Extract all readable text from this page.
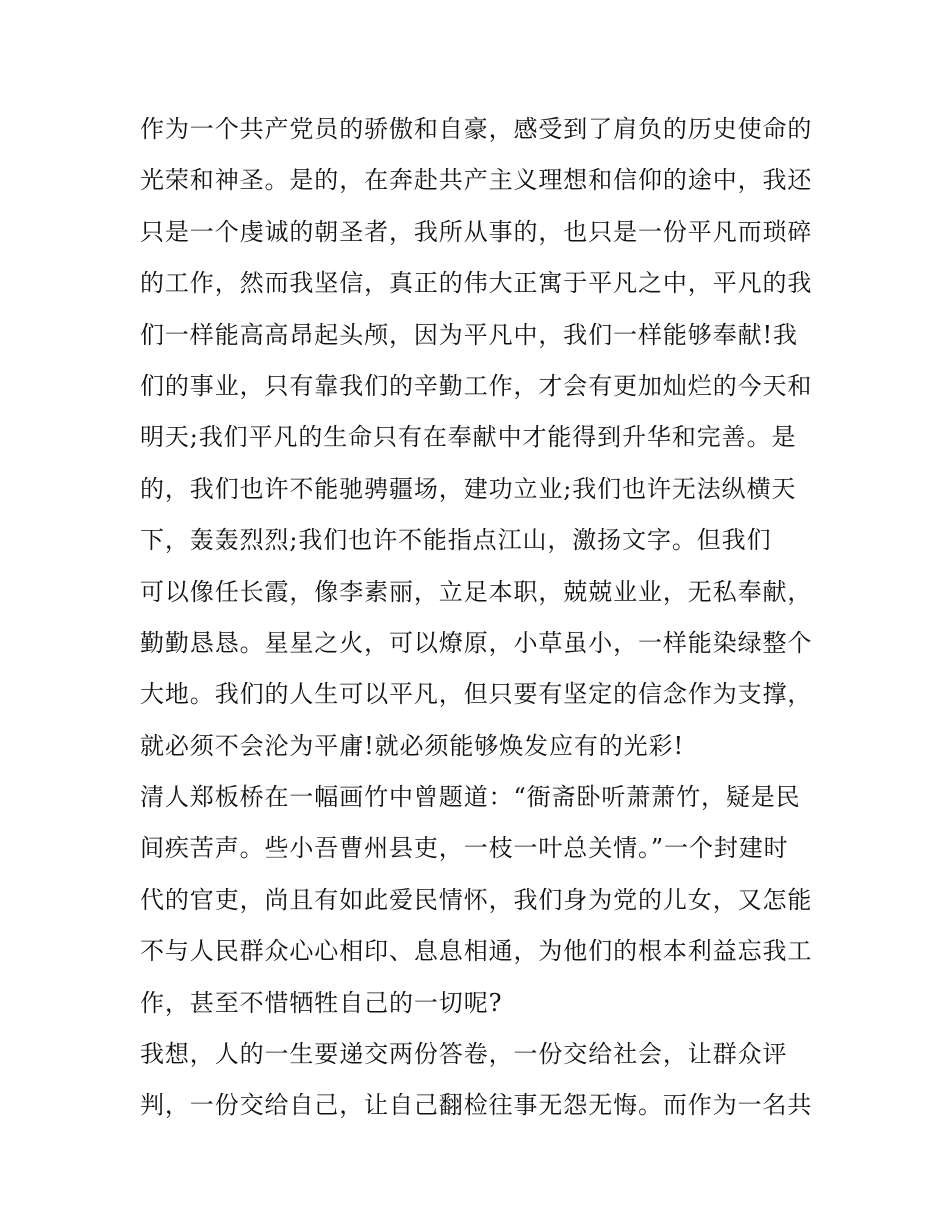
作为一个共产党员的骄傲和自豪，感受到了肩负的历史使命的
光荣和神圣。是的，在奔赴共产主义理想和信仰的途中，我还
只是一个虔诚的朝圣者，我所从事的，也只是一份平凡而琐碎
的工作，然而我坚信，真正的伟大正寓于平凡之中，平凡的我
们一样能高高昂起头颅，因为平凡中，我们一样能够奉献!我
们的事业，只有靠我们的辛勤工作，才会有更加灿烂的今天和
明天;我们平凡的生命只有在奉献中才能得到升华和完善。是
的，我们也许不能驰骋疆场，建功立业;我们也许无法纵横天
下，轰轰烈烈;我们也许不能指点江山，激扬文字。但我们
可以像任长霞，像李素丽，立足本职，兢兢业业，无私奉献，
勤勤恳恳。星星之火，可以燎原，小草虽小，一样能染绿整个
大地。我们的人生可以平凡，但只要有坚定的信念作为支撑，
就必须不会沦为平庸!就必须能够焕发应有的光彩!
清人郑板桥在一幅画竹中曾题道：“衙斋卧听萧萧竹，疑是民
间疾苦声。些小吾曹州县吏，一枝一叶总关情。”一个封建时
代的官吏，尚且有如此爱民情怀，我们身为党的儿女，又怎能
不与人民群众心心相印、息息相通，为他们的根本利益忘我工
作，甚至不惜牺牲自己的一切呢?
我想，人的一生要递交两份答卷，一份交给社会，让群众评
判，一份交给自己，让自己翻检往事无怨无悔。而作为一名共
